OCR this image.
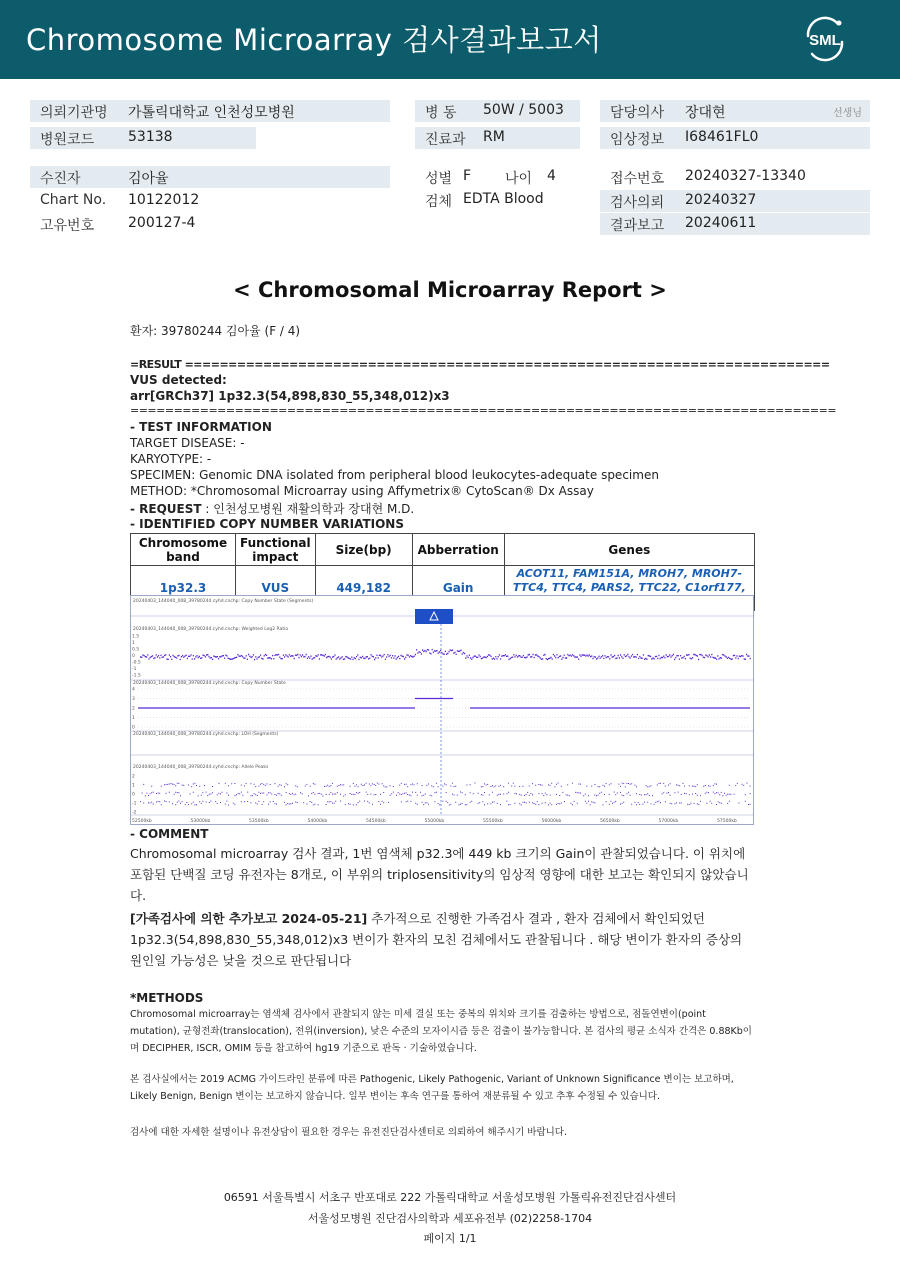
Chromosome Microarray 검사결과보고서	SML
의뢰기관명 가톨릭대학교 인천성모병원
병원코드 53138
병 동 50W / 5003
진료과 RM
담당의사 장대현	선생님
임상정보 I68461FL0
수진자	김아율
Chart No. 10122012
고유번호 200127-4
성별 F 나이 4
검체 EDTA Blood
접수번호 20240327-13340
검사의뢰 20240327
결과보고 20240611
< Chromosomal Microarray Report >
환자: 39780244 김아율 (F / 4)
=RESULT ==========================================================================
VUS detected:
arr[GRCh37] 1p32.3(54,898,830_55,348,012)x3
=================================================================================
- TEST INFORMATION
TARGET DISEASE: -
KARYOTYPE: -
SPECIMEN: Genomic DNA isolated from peripheral blood leukocytes-adequate specimen
METHOD: *Chromosomal Microarray using Affymetrix® CytoScan® Dx Assay
- REQUEST : 인천성모병원 재활의학과 장대현 M.D.
- IDENTIFIED COPY NUMBER VARIATIONS
Chromosome band	Functional impact	Size(bp)	Abberration	Genes
1p32.3	VUS	449,182	Gain	ACOT11, FAM151A, MROH7, MROH7-TTC4, TTC4, PARS2, TTC22, C1orf177,
20240403_144040_008_39780244.cyhd.cnchp: Copy Number State (Segments)
20240403_144040_008_39780244.cyhd.cnchp: Weighted Log2 Ratio
20240403_144040_008_39780244.cyhd.cnchp: Copy Number State
20240403_144040_008_39780244.cyhd.cnchp: LOH (Segments)
20240403_144040_008_39780244.cyhd.cnchp: Allele Peaks
1.5
1
0.5
0
-0.5
-1
-1.5
4
3
2
1
0
2
1
0
-1
-2
52500kb	53000kb	53500kb	54000kb	54500kb	55000kb	55500kb	56000kb	56500kb	57000kb	57500kb
- COMMENT
Chromosomal microarray 검사 결과, 1번 염색체 p32.3에 449 kb 크기의 Gain이 관찰되었습니다. 이 위치에 포함된 단백질 코딩 유전자는 8개로, 이 부위의 triplosensitivity의 임상적 영향에 대한 보고는 확인되지 않았습니다.
[가족검사에 의한 추가보고 2024-05-21] 추가적으로 진행한 가족검사 결과 , 환자 검체에서 확인되었던 1p32.3(54,898,830_55,348,012)x3 변이가 환자의 모친 검체에서도 관찰됩니다 . 해당 변이가 환자의 증상의 원인일 가능성은 낮을 것으로 판단됩니다
*METHODS
Chromosomal microarray는 염색체 검사에서 관찰되지 않는 미세 결실 또는 중복의 위치와 크기를 검출하는 방법으로, 점돌연변이(point mutation), 균형전좌(translocation), 전위(inversion), 낮은 수준의 모자이시즘 등은 검출이 불가능합니다. 본 검사의 평균 소식자 간격은 0.88Kb이며 DECIPHER, ISCR, OMIM 등을 참고하여 hg19 기준으로 판독 · 기술하였습니다.
본 검사실에서는 2019 ACMG 가이드라인 분류에 따른 Pathogenic, Likely Pathogenic, Variant of Unknown Significance 변이는 보고하며, Likely Benign, Benign 변이는 보고하지 않습니다. 일부 변이는 후속 연구를 통하여 재분류될 수 있고 추후 수정될 수 있습니다.
검사에 대한 자세한 설명이나 유전상담이 필요한 경우는 유전진단검사센터로 의뢰하여 해주시기 바랍니다.
06591 서울특별시 서초구 반포대로 222 가톨릭대학교 서울성모병원 가톨릭유전진단검사센터
서울성모병원 진단검사의학과 세포유전부 (02)2258-1704
페이지 1/1
